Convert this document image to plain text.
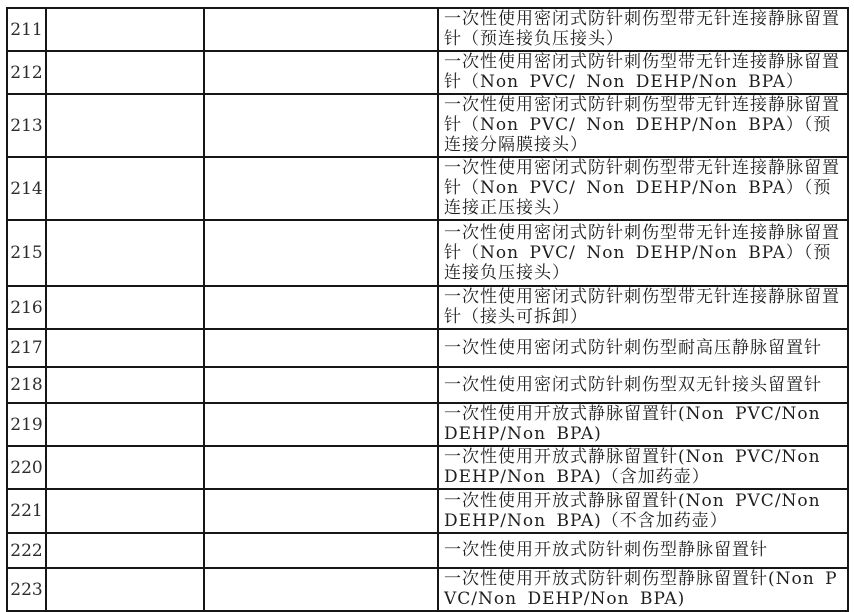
211			一次性使用密闭式防针刺伤型带无针连接静脉留置针（预连接负压接头）
212			一次性使用密闭式防针刺伤型带无针连接静脉留置针（Non PVC/ Non DEHP/Non BPA）
213			一次性使用密闭式防针刺伤型带无针连接静脉留置针（Non PVC/ Non DEHP/Non BPA）（预连接分隔膜接头）
214			一次性使用密闭式防针刺伤型带无针连接静脉留置针（Non PVC/ Non DEHP/Non BPA）（预连接正压接头）
215			一次性使用密闭式防针刺伤型带无针连接静脉留置针（Non PVC/ Non DEHP/Non BPA）（预连接负压接头）
216			一次性使用密闭式防针刺伤型带无针连接静脉留置针（接头可拆卸）
217			一次性使用密闭式防针刺伤型耐高压静脉留置针
218			一次性使用密闭式防针刺伤型双无针接头留置针
219			一次性使用开放式静脉留置针(Non PVC/Non DEHP/Non BPA)
220			一次性使用开放式静脉留置针(Non PVC/Non DEHP/Non BPA)（含加药壶）
221			一次性使用开放式静脉留置针(Non PVC/Non DEHP/Non BPA)（不含加药壶）
222			一次性使用开放式防针刺伤型静脉留置针
223			一次性使用开放式防针刺伤型静脉留置针(Non PVC/Non DEHP/Non BPA)
